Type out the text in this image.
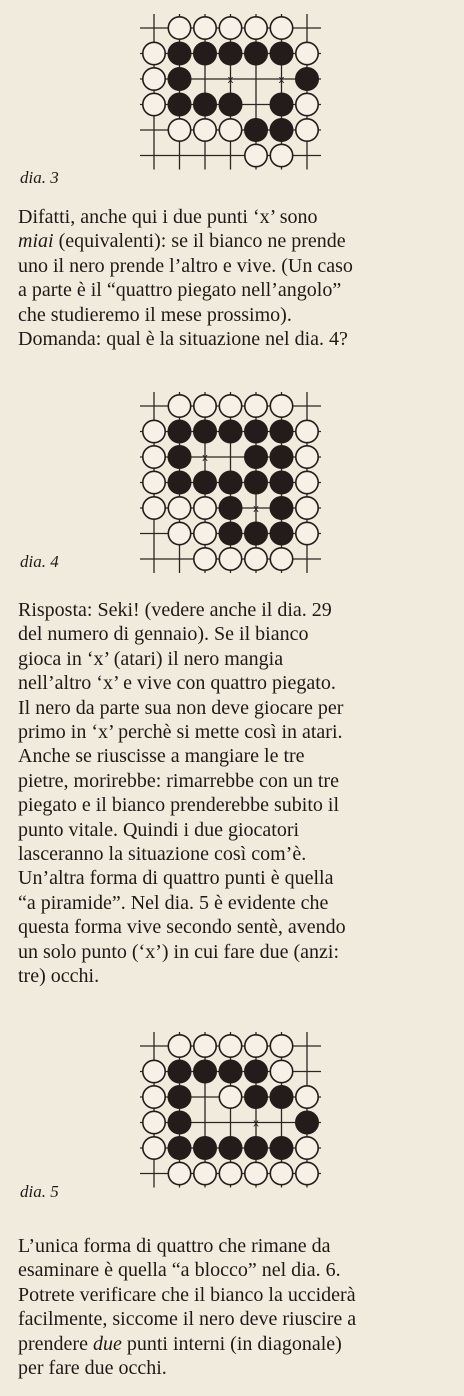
x	x
dia. 3

Difatti, anche qui i due punti ‘x’ sono
miai (equivalenti): se il bianco ne prende
uno il nero prende l’altro e vive. (Un caso
a parte è il “quattro piegato nell’angolo”
che studieremo il mese prossimo).
Domanda: qual è la situazione nel dia. 4?

x
x
dia. 4

Risposta: Seki! (vedere anche il dia. 29
del numero di gennaio). Se il bianco
gioca in ‘x’ (atari) il nero mangia
nell’altro ‘x’ e vive con quattro piegato.
Il nero da parte sua non deve giocare per
primo in ‘x’ perchè si mette così in atari.
Anche se riuscisse a mangiare le tre
pietre, morirebbe: rimarrebbe con un tre
piegato e il bianco prenderebbe subito il
punto vitale. Quindi i due giocatori
lasceranno la situazione così com’è.
Un’altra forma di quattro punti è quella
“a piramide”. Nel dia. 5 è evidente che
questa forma vive secondo sentè, avendo
un solo punto (‘x’) in cui fare due (anzi:
tre) occhi.

x
dia. 5

L’unica forma di quattro che rimane da
esaminare è quella “a blocco” nel dia. 6.
Potrete verificare che il bianco la ucciderà
facilmente, siccome il nero deve riuscire a
prendere due punti interni (in diagonale)
per fare due occhi.
